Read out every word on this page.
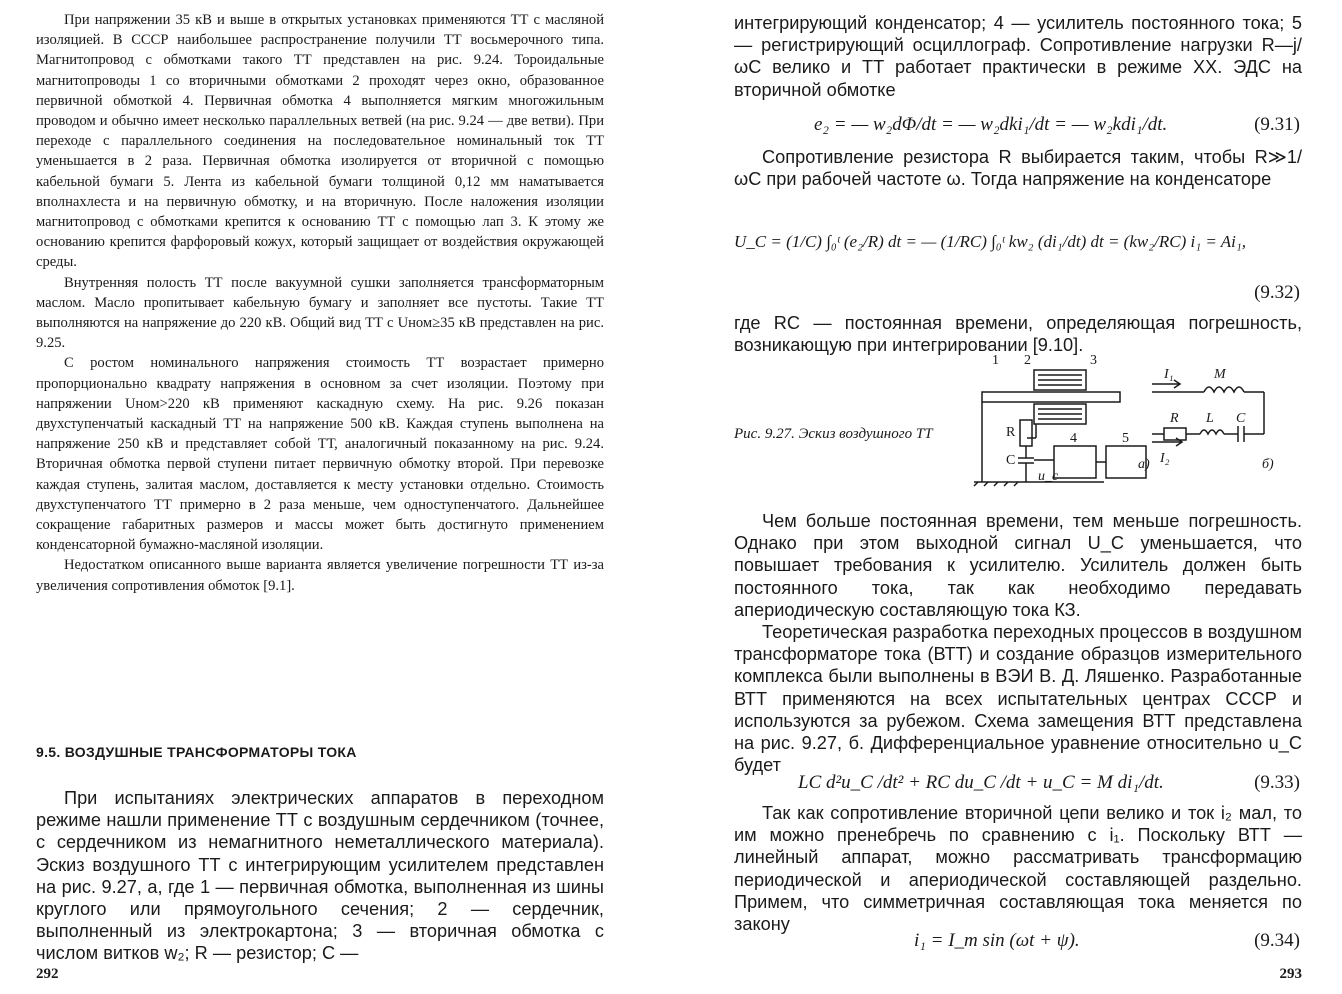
При напряжении 35 кВ и выше в открытых установках применяются ТТ с масляной изоляцией. В СССР наибольшее распространение получили ТТ восьмерочного типа. Магнитопровод с обмотками такого ТТ представлен на рис. 9.24. Тороидальные магнитопроводы 1 со вторичными обмотками 2 проходят через окно, образованное первичной обмоткой 4. Первичная обмотка 4 выполняется мягким многожильным проводом и обычно имеет несколько параллельных ветвей (на рис. 9.24 — две ветви). При переходе с параллельного соединения на последовательное номинальный ток ТТ уменьшается в 2 раза. Первичная обмотка изолируется от вторичной с помощью кабельной бумаги 5. Лента из кабельной бумаги толщиной 0,12 мм наматывается вполнахлеста и на первичную обмотку, и на вторичную. После наложения изоляции магнитопровод с обмотками крепится к основанию ТТ с помощью лап 3. К этому же основанию крепится фарфоровый кожух, который защищает от воздействия окружающей среды.

Внутренняя полость ТТ после вакуумной сушки заполняется трансформаторным маслом. Масло пропитывает кабельную бумагу и заполняет все пустоты. Такие ТТ выполняются на напряжение до 220 кВ. Общий вид ТТ с Uном≥35 кВ представлен на рис. 9.25.

С ростом номинального напряжения стоимость ТТ возрастает примерно пропорционально квадрату напряжения в основном за счет изоляции. Поэтому при напряжении Uном>220 кВ применяют каскадную схему. На рис. 9.26 показан двухступенчатый каскадный ТТ на напряжение 500 кВ. Каждая ступень выполнена на напряжение 250 кВ и представляет собой ТТ, аналогичный показанному на рис. 9.24. Вторичная обмотка первой ступени питает первичную обмотку второй. При перевозке каждая ступень, залитая маслом, доставляется к месту установки отдельно. Стоимость двухступенчатого ТТ примерно в 2 раза меньше, чем одноступенчатого. Дальнейшее сокращение габаритных размеров и массы может быть достигнуто применением конденсаторной бумажно-масляной изоляции.

Недостатком описанного выше варианта является увеличение погрешности ТТ из-за увеличения сопротивления обмоток [9.1].

9.5. ВОЗДУШНЫЕ ТРАНСФОРМАТОРЫ ТОКА

При испытаниях электрических аппаратов в переходном режиме нашли применение ТТ с воздушным сердечником (точнее, с сердечником из немагнитного неметаллического материала). Эскиз воздушного ТТ с интегрирующим усилителем представлен на рис. 9.27, а, где 1 — первичная обмотка, выполненная из шины круглого или прямоугольного сечения; 2 — сердечник, выполненный из электрокартона; 3 — вторичная обмотка с числом витков w₂; R — резистор; C —

292

интегрирующий конденсатор; 4 — усилитель постоянного тока; 5 — регистрирующий осциллограф. Сопротивление нагрузки R—j/ωC велико и ТТ работает практически в режиме ХХ. ЭДС на вторичной обмотке

e₂ = — w₂dΦ/dt = — w₂dki₁/dt = — w₂kdi₁/dt.	(9.31)

Сопротивление резистора R выбирается таким, чтобы R≫1/ωC при рабочей частоте ω. Тогда напряжение на конденсаторе

U_C = (1/C) ∫₀ᵗ (e₂/R) dt = — (1/RC) ∫₀ᵗ kw₂ (di₁/dt) dt = (kw₂/RC) i₁ = Ai₁,
(9.32)

где RC — постоянная времени, определяющая погрешность, возникающую при интегрировании [9.10].

Рис. 9.27. Эскиз воздушного ТТ
1 2	3
R
C
4	5
u_c
а)
I₁	M
R L C
I₂	б)

Чем больше постоянная времени, тем меньше погрешность. Однако при этом выходной сигнал U_C уменьшается, что повышает требования к усилителю. Усилитель должен быть постоянного тока, так как необходимо передавать апериодическую составляющую тока КЗ.

Теоретическая разработка переходных процессов в воздушном трансформаторе тока (ВТТ) и создание образцов измерительного комплекса были выполнены в ВЭИ В. Д. Ляшенко. Разработанные ВТТ применяются на всех испытательных центрах СССР и используются за рубежом. Схема замещения ВТТ представлена на рис. 9.27, б. Дифференциальное уравнение относительно u_C будет

LC d²u_C /dt² + RC du_C /dt + u_C = M di₁/dt.	(9.33)

Так как сопротивление вторичной цепи велико и ток i₂ мал, то им можно пренебречь по сравнению с i₁. Поскольку ВТТ — линейный аппарат, можно рассматривать трансформацию периодической и апериодической составляющей раздельно. Примем, что симметричная составляющая тока меняется по закону

i₁ = I_m sin (ωt + ψ).	(9.34)
293
